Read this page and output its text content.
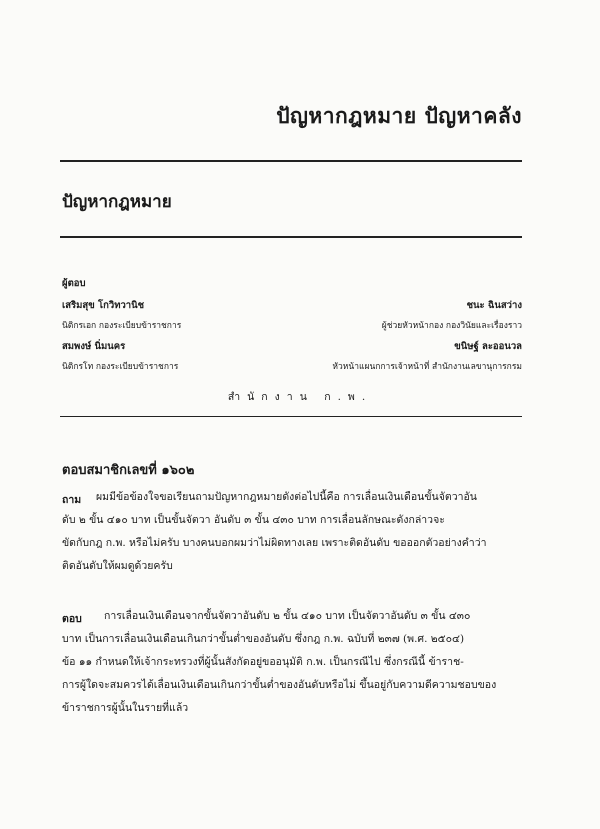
ปัญหากฎหมาย ปัญหาคลัง
ปัญหากฎหมาย
ผู้ตอบ
เสริมสุข โกวิทวานิช
นิติกรเอก กองระเบียบข้าราชการ
สมพงษ์ นิ่มนคร
นิติกรโท กองระเบียบข้าราชการ
ชนะ ฉินสว่าง
ผู้ช่วยหัวหน้ากอง กองวินัยและเรื่องราว
ขนิษฐ์ ละออนวล
หัวหน้าแผนกการเจ้าหน้าที่ สำนักงานเลขานุการกรม
สำนักงาน ก.พ.
ตอบสมาชิกเลขที่ ๑๖๐๒
ถาม	ผมมีข้อข้องใจขอเรียนถามปัญหากฎหมายดังต่อไปนี้คือ การเลื่อนเงินเดือนขั้นจัตวาอัน
ดับ ๒ ขั้น ๔๑๐ บาท เป็นขั้นจัตวา อันดับ ๓ ขั้น ๔๓๐ บาท การเลื่อนลักษณะดังกล่าวจะ
ขัดกับกฎ ก.พ. หรือไม่ครับ บางคนบอกผมว่าไม่ผิดทางเลย เพราะติดอันดับ ขอออกตัวอย่างคำว่า
ติดอันดับให้ผมดูด้วยครับ
ตอบ	การเลื่อนเงินเดือนจากขั้นจัตวาอันดับ ๒ ขั้น ๔๑๐ บาท เป็นจัตวาอันดับ ๓ ขั้น ๔๓๐
บาท เป็นการเลื่อนเงินเดือนเกินกว่าขั้นต่ำของอันดับ ซึ่งกฎ ก.พ. ฉบับที่ ๒๓๗ (พ.ศ. ๒๕๐๔)
ข้อ ๑๑ กำหนดให้เจ้ากระทรวงที่ผู้นั้นสังกัดอยู่ขออนุมัติ ก.พ. เป็นกรณีไป ซึ่งกรณีนี้ ข้าราช-
การผู้ใดจะสมควรได้เลื่อนเงินเดือนเกินกว่าขั้นต่ำของอันดับหรือไม่ ขึ้นอยู่กับความดีความชอบของ
ข้าราชการผู้นั้นในรายที่แล้ว
